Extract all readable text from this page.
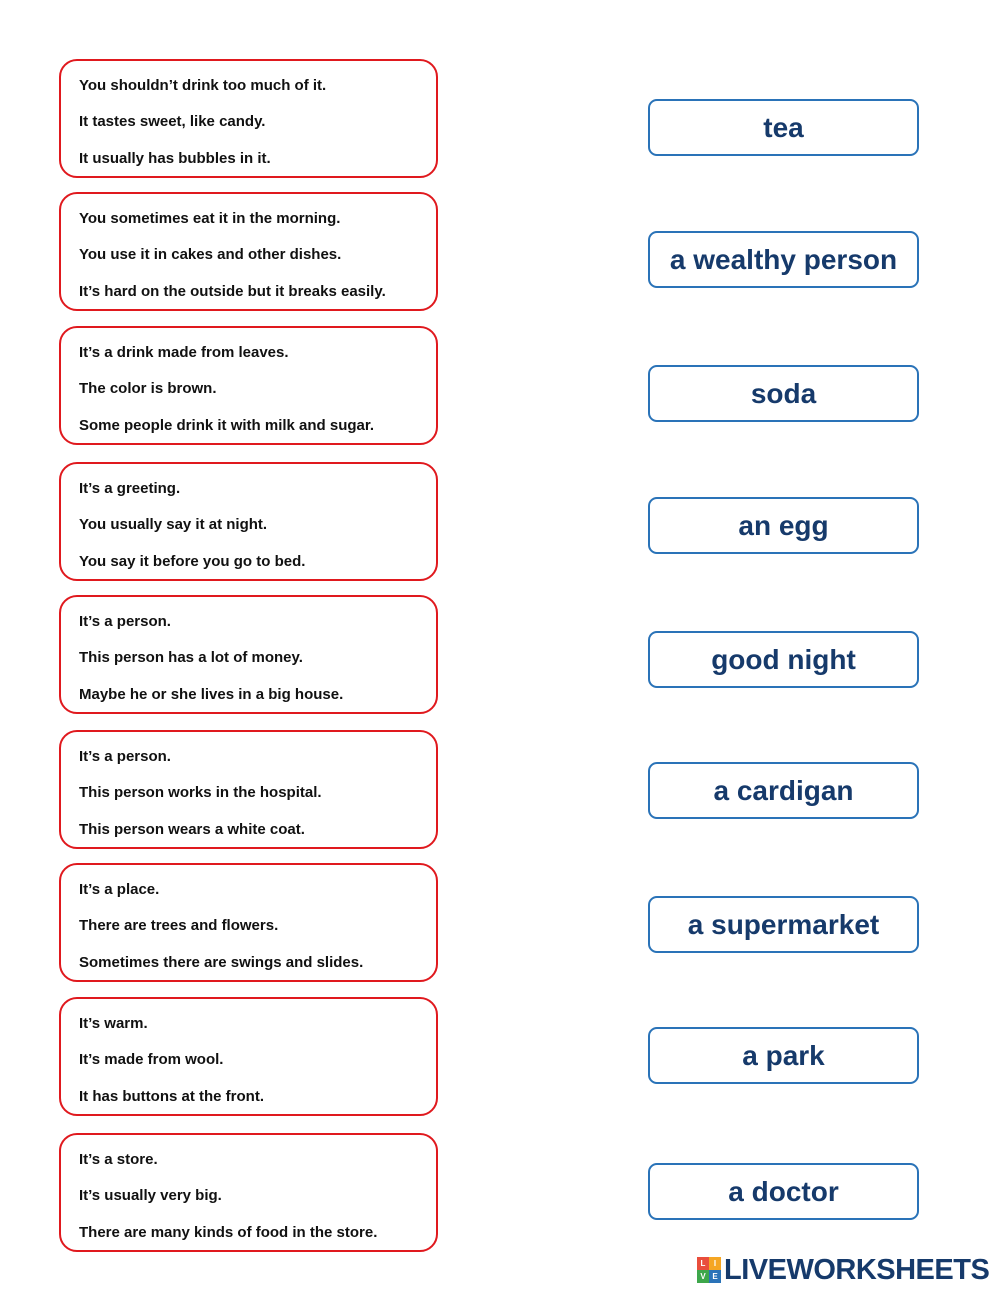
You shouldn’t drink too much of it.
It tastes sweet, like candy.
It usually has bubbles in it.
You sometimes eat it in the morning.
You use it in cakes and other dishes.
It’s hard on the outside but it breaks easily.
It’s a drink made from leaves.
The color is brown.
Some people drink it with milk and sugar.
It’s a greeting.
You usually say it at night.
You say it before you go to bed.
It’s a person.
This person has a lot of money.
Maybe he or she lives in a big house.
It’s a person.
This person works in the hospital.
This person wears a white coat.
It’s a place.
There are trees and flowers.
Sometimes there are swings and slides.
It’s warm.
It’s made from wool.
It has buttons at the front.
It’s a store.
It’s usually very big.
There are many kinds of food in the store.
tea
a wealthy person
soda
an egg
good night
a cardigan
a supermarket
a park
a doctor
L	I
V E LIVEWORKSHEETS
